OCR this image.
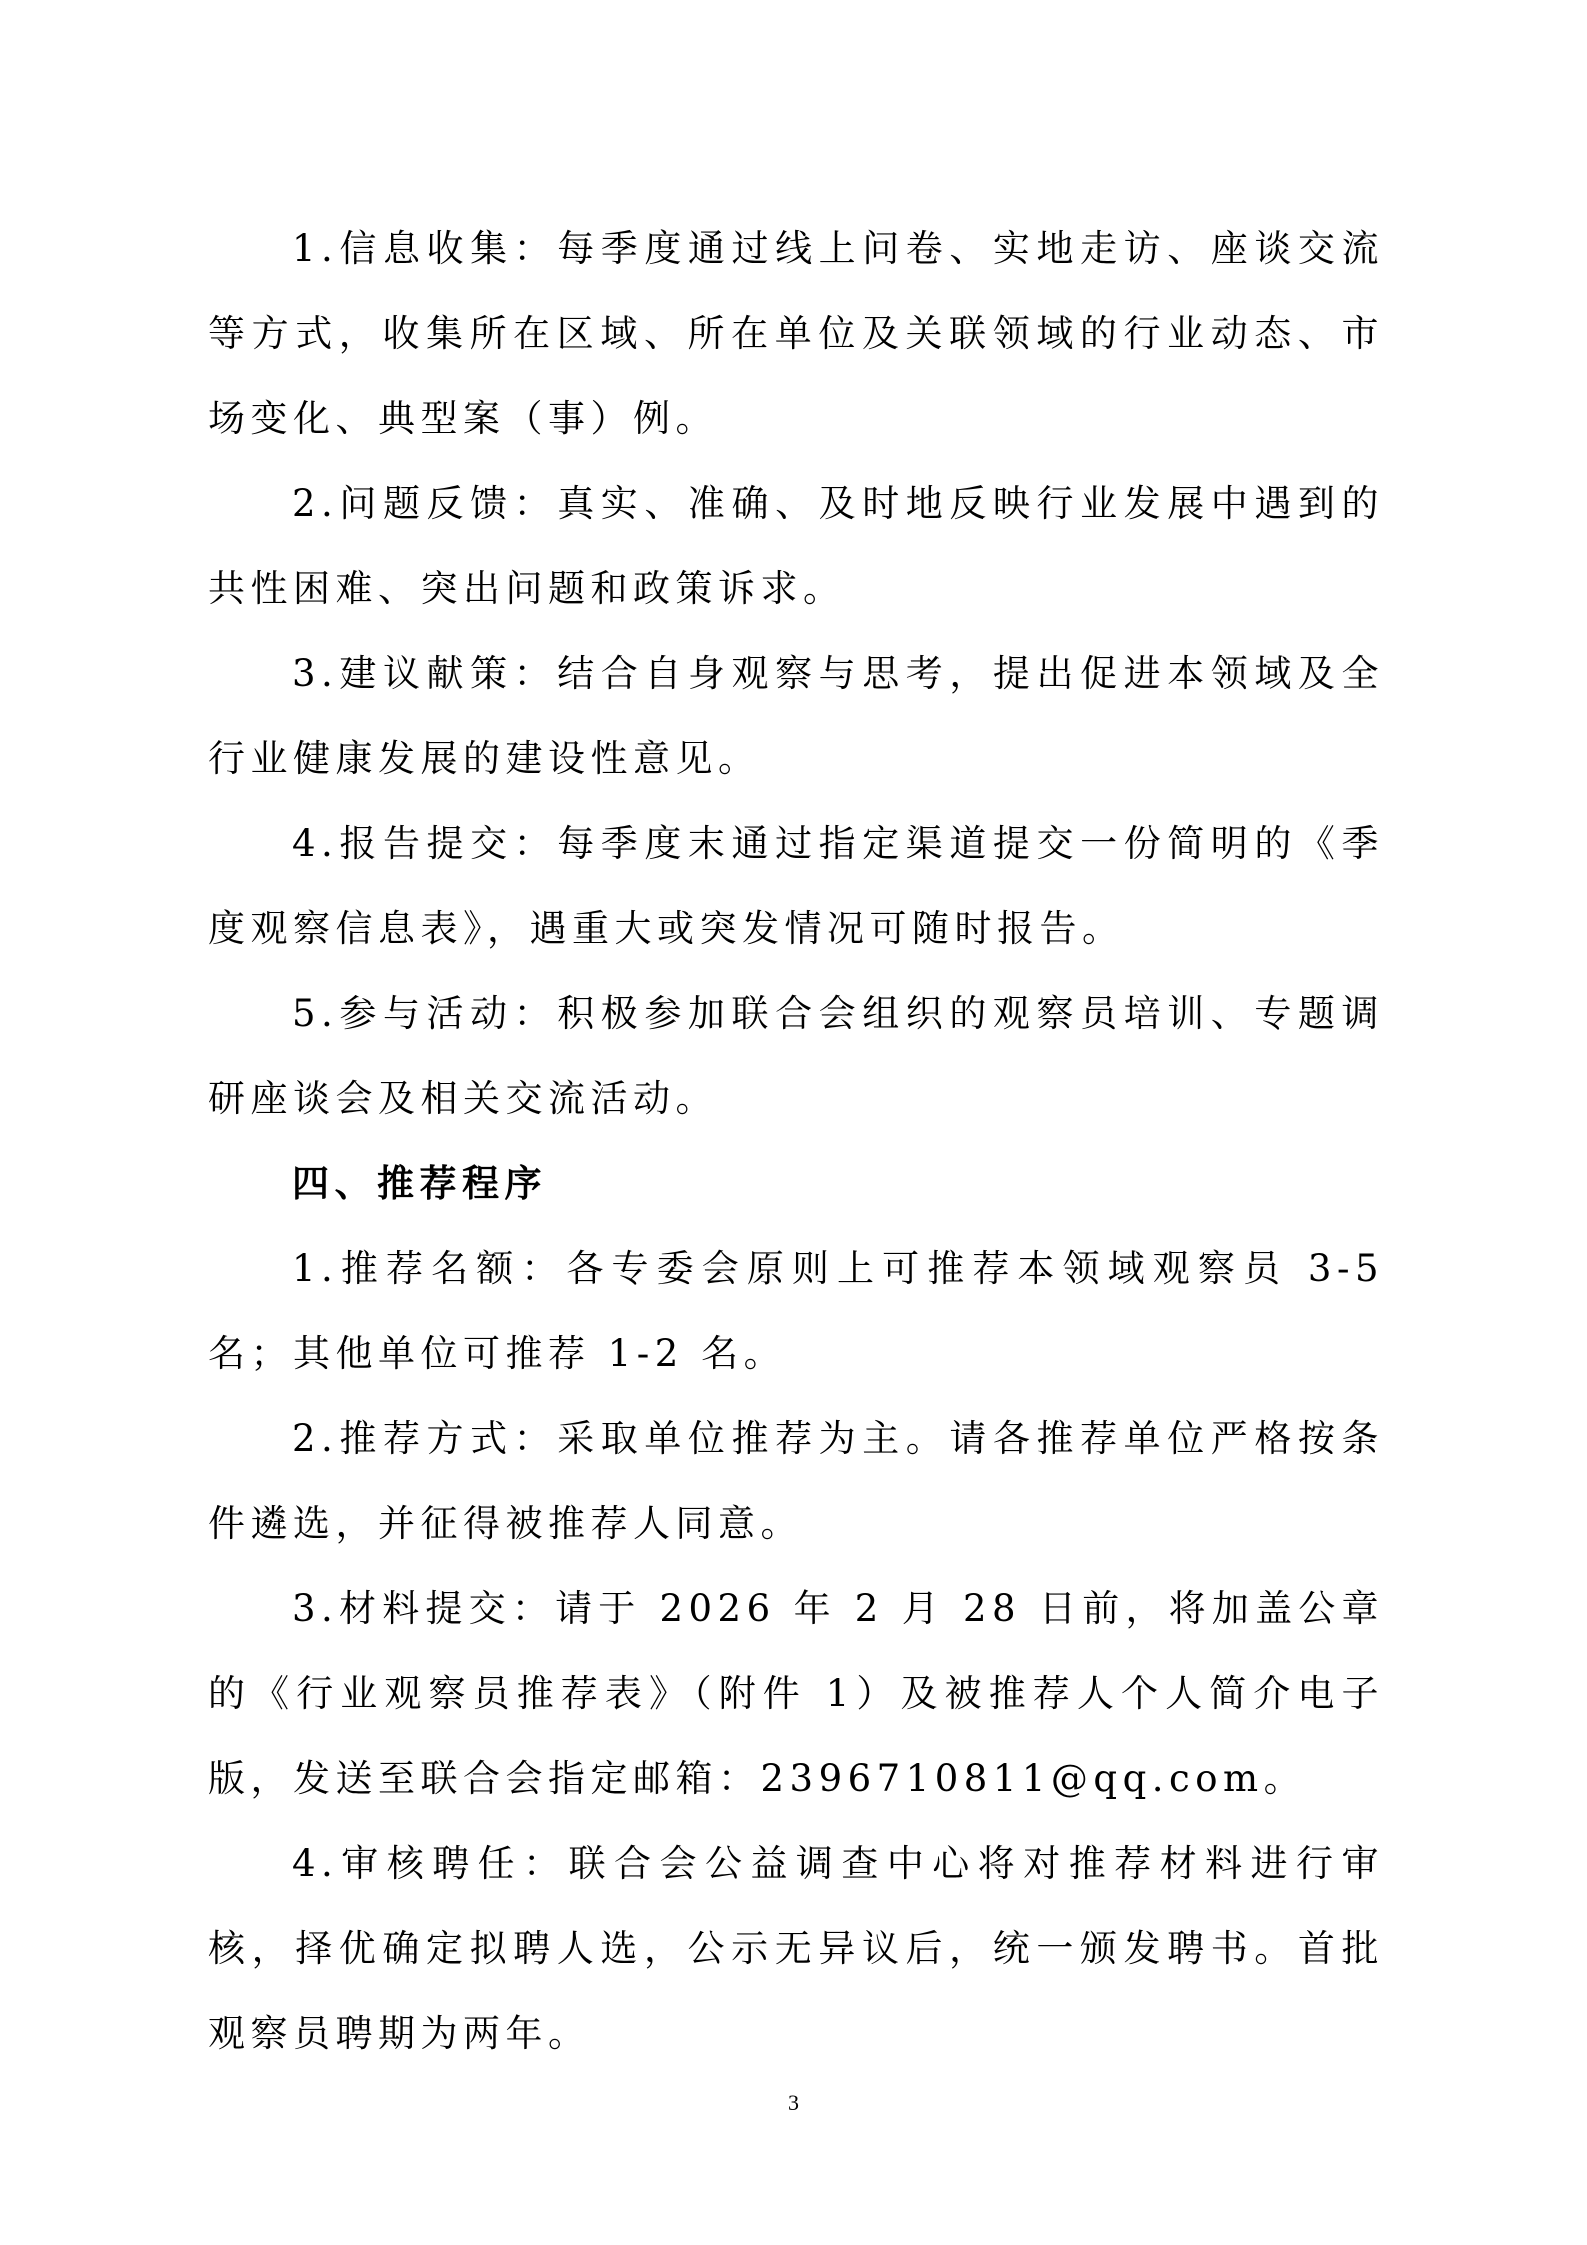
1.信息收集：每季度通过线上问卷、实地走访、座谈交流等方式，收集所在区域、所在单位及关联领域的行业动态、市场变化、典型案（事）例。

2.问题反馈：真实、准确、及时地反映行业发展中遇到的共性困难、突出问题和政策诉求。

3.建议献策：结合自身观察与思考，提出促进本领域及全行业健康发展的建设性意见。

4.报告提交：每季度末通过指定渠道提交一份简明的《季度观察信息表》，遇重大或突发情况可随时报告。

5.参与活动：积极参加联合会组织的观察员培训、专题调研座谈会及相关交流活动。

四、推荐程序

1.推荐名额：各专委会原则上可推荐本领域观察员 3-5 名；其他单位可推荐 1-2 名。

2.推荐方式：采取单位推荐为主。请各推荐单位严格按条件遴选，并征得被推荐人同意。

3.材料提交：请于 2026 年 2 月 28 日前，将加盖公章的《行业观察员推荐表》（附件 1）及被推荐人个人简介电子版，发送至联合会指定邮箱：2396710811@qq.com。

4.审核聘任：联合会公益调查中心将对推荐材料进行审核，择优确定拟聘人选，公示无异议后，统一颁发聘书。首批观察员聘期为两年。

3
